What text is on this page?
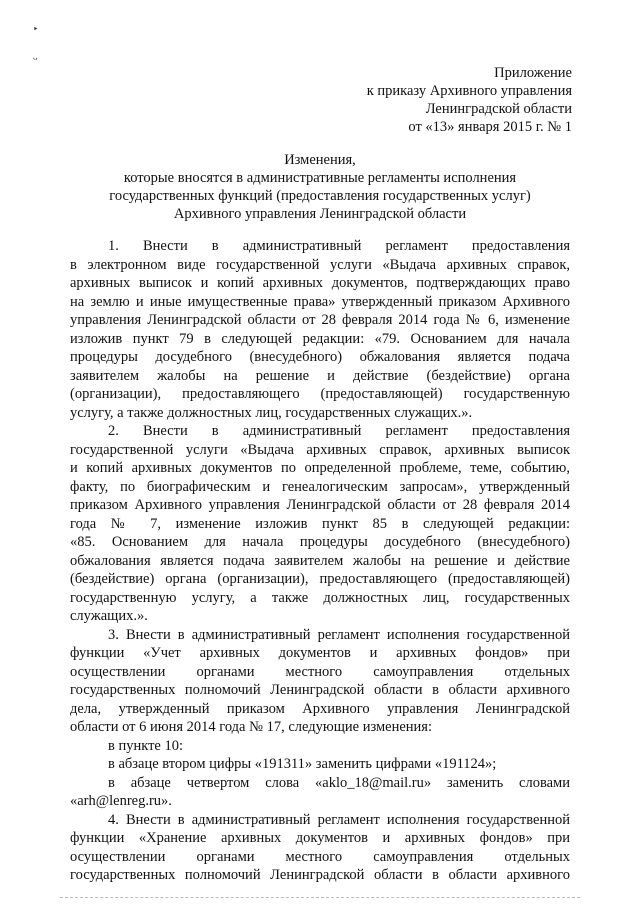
‣
ᴗ
Приложение
к приказу Архивного управления
Ленинградской области
от «13» января 2015 г. № 1
Изменения,
которые вносятся в административные регламенты исполнения
государственных функций (предоставления государственных услуг)
Архивного управления Ленинградской области
1. Внести в административный регламент предоставления
в электронном виде государственной услуги «Выдача архивных справок,
архивных выписок и копий архивных документов, подтверждающих право
на землю и иные имущественные права» утвержденный приказом Архивного
управления Ленинградской области от 28 февраля 2014 года № 6, изменение
изложив пункт 79 в следующей редакции: «79. Основанием для начала
процедуры досудебного (внесудебного) обжалования является подача
заявителем жалобы на решение и действие (бездействие) органа
(организации), предоставляющего (предоставляющей) государственную
услугу, а также должностных лиц, государственных служащих.».
2. Внести в административный регламент предоставления
государственной услуги «Выдача архивных справок, архивных выписок
и копий архивных документов по определенной проблеме, теме, событию,
факту, по биографическим и генеалогическим запросам», утвержденный
приказом Архивного управления Ленинградской области от 28 февраля 2014
года № 7, изменение изложив пункт 85 в следующей редакции:
«85. Основанием для начала процедуры досудебного (внесудебного)
обжалования является подача заявителем жалобы на решение и действие
(бездействие) органа (организации), предоставляющего (предоставляющей)
государственную услугу, а также должностных лиц, государственных
служащих.».
3. Внести в административный регламент исполнения государственной
функции «Учет архивных документов и архивных фондов» при
осуществлении органами местного самоуправления отдельных
государственных полномочий Ленинградской области в области архивного
дела, утвержденный приказом Архивного управления Ленинградской
области от 6 июня 2014 года № 17, следующие изменения:
в пункте 10:
в абзаце втором цифры «191311» заменить цифрами «191124»;
в абзаце четвертом слова «aklo_18@mail.ru» заменить словами
«arh@lenreg.ru».
4. Внести в административный регламент исполнения государственной
функции «Хранение архивных документов и архивных фондов» при
осуществлении органами местного самоуправления отдельных
государственных полномочий Ленинградской области в области архивного
